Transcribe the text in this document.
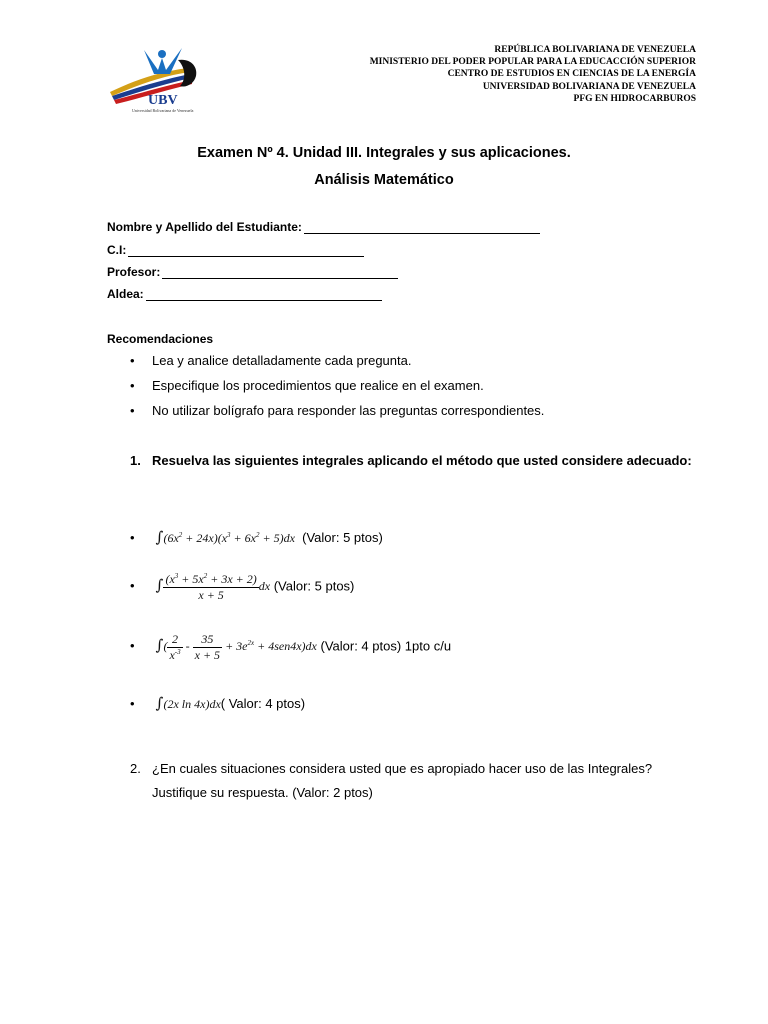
UBV
Universidad Bolivariana de Venezuela
REPÚBLICA BOLIVARIANA DE VENEZUELA
MINISTERIO DEL PODER POPULAR PARA LA EDUCACCIÓN SUPERIOR
CENTRO DE ESTUDIOS EN CIENCIAS DE LA ENERGÍA
UNIVERSIDAD BOLIVARIANA DE VENEZUELA
PFG EN HIDROCARBUROS
Examen Nº 4. Unidad III. Integrales y sus aplicaciones.
Análisis Matemático
Nombre y Apellido del Estudiante:
C.I:
Profesor:
Aldea:
Recomendaciones
• Lea y analice detalladamente cada pregunta.
• Especifique los procedimientos que realice en el examen.
• No utilizar bolígrafo para responder las preguntas correspondientes.
1. Resuelva las siguientes integrales aplicando el método que usted considere adecuado:
• $\int(6x^2 + 24x)(x^3 + 6x^2 + 5)dx$ (Valor: 5 ptos)
• ∫ $\frac{(x^3 + 5x^2 + 3x + 2)}{x + 5}$ dx (Valor: 5 ptos)
• ∫( $\frac{2}{x^{-3}} - \frac{35}{x + 5} + 3e^{2x} + 4sen4x)dx$ (Valor: 4 ptos) 1pto c/u
• ∫(2x ln 4x)dx( Valor: 4 ptos)
2. ¿En cuales situaciones considera usted que es apropiado hacer uso de las Integrales?
Justifique su respuesta. (Valor: 2 ptos)
